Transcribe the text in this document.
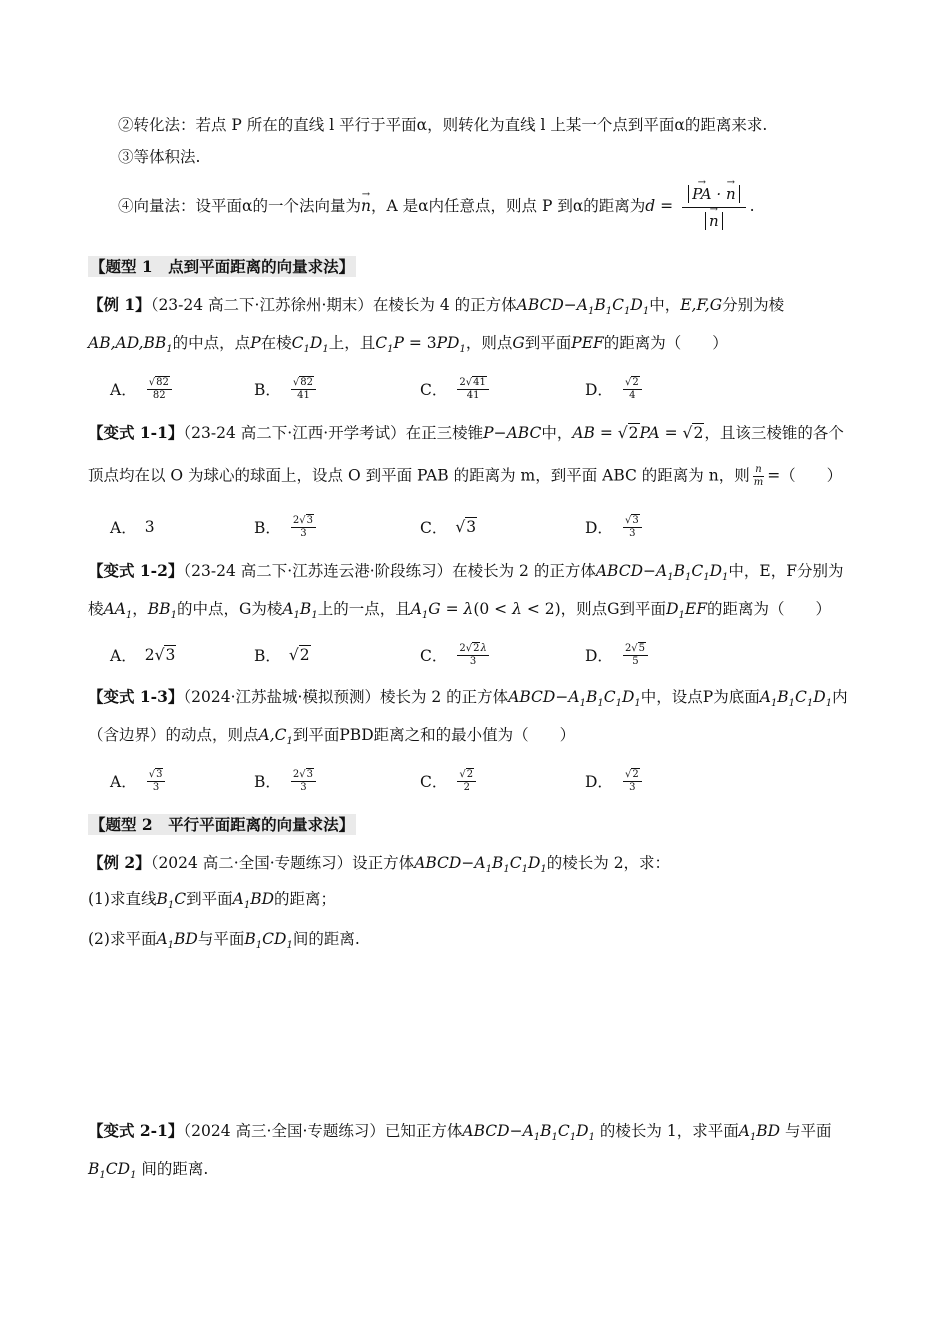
②转化法：若点 P 所在的直线 l 平行于平面α，则转化为直线 l 上某一个点到平面α的距离来求.
③等体积法.
④向量法：设平面α的一个法向量为→ n，A 是α内任意点，则点 P 到α的距离为d =
→ PA · → n
→ n .
【题型 1　点到平面距离的向量求法】
【例 1】（23-24 高二下·江苏徐州·期末）在棱长为 4 的正方体$ABCD-A_1B_1C_1D_1$中，E,F,G分别为棱
$AB,AD,BB_1$的中点，点P在棱$C_1D_1$上，且$C_1P = 3PD_1$，则点G到平面PEF的距离为（　　）
A． $\frac{√82}{82}$	B． $\frac{√82}{41}$	C． $\frac{2√41}{41}$	D． $\frac{√2}{4}$
【变式 1-1】（23-24 高二下·江西·开学考试）在正三棱锥P−ABC中，AB = √2PA = √2，且该三棱锥的各个
顶点均在以 O 为球心的球面上，设点 O 到平面 PAB 的距离为 m，到平面 ABC 的距离为 n，则 $\frac{n}{m}$ =（　　）
A． 3	B． $\frac{2√3}{3}$	C． √ 3	D． $\frac{√3}{3}$
【变式 1-2】（23-24 高二下·江苏连云港·阶段练习）在棱长为 2 的正方体$ABCD-A_1B_1C_1D_1$中，E，F分别为
棱$AA_1$，$BB_1$的中点，G为棱$A_1B_1$上的一点，且$A_1G = \lambda(0 < \lambda < 2)$，则点G到平面$D_1EF$的距离为（　　）
A． 2√ 3	B． √ 2	C． $\frac{2√2\lambda}{3}$	D． $\frac{2√5}{5}$
【变式 1-3】（2024·江苏盐城·模拟预测）棱长为 2 的正方体$ABCD-A_1B_1C_1D_1$中，设点P为底面$A_1B_1C_1D_1$内
（含边界）的动点，则点$A,C_1$到平面PBD距离之和的最小值为（　　）
A． $\frac{√3}{3}$	B． $\frac{2√3}{3}$	C． $\frac{√2}{2}$	D． $\frac{√2}{3}$
【题型 2　平行平面距离的向量求法】
【例 2】（2024 高二·全国·专题练习）设正方体$ABCD-A_1B_1C_1D_1$的棱长为 2，求：
(1)求直线$B_1C$到平面$A_1BD$的距离；
(2)求平面$A_1BD$与平面$B_1CD_1$间的距离.
【变式 2-1】（2024 高三·全国·专题练习）已知正方体$ABCD-A_1B_1C_1D_1$ 的棱长为 1，求平面$A_1BD$ 与平面
$B_1CD_1$ 间的距离.
